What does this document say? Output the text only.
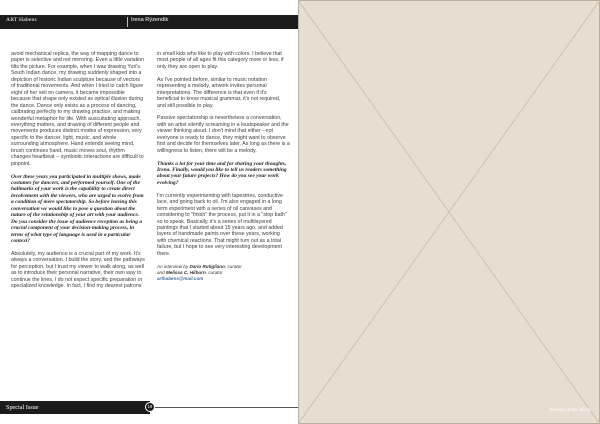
ART Habens	Irena Rýzendik

avoid mechanical replica, the way of mapping dance to paper is selective and not mirroring. Even a little variation tilts the picture. For example, when I was drawing Yuri's South Indian dance, my drawing suddenly shaped into a depiction of historic Indian sculpture because of vectors of traditional movements. And when I tried to catch figure eight of her veil on camera, it became impossible because that shape only existed as optical illusion during the dance. Dance only exists as a process of dancing, calibrating perfectly to my drawing practice, and making wonderful metaphor for life. With auscultating approach, everything matters, and drawing of different people and movements produces distinct modes of expression, very specific to the dancer, light, music, and whole surrounding atmosphere. Hand extends seeing mind, brush continues hand, music moves soul, rhythm changes heartbeat -- symbiotic interactions are difficult to pinpoint.

Over these years you participated in multiple shows, made costumes for dancers, and performed yourself. One of the hallmarks of your work is the capability to create direct involvement with the viewers, who are urged to evolve from a condition of mere spectatorship. So before leaving this conversation we would like to pose a question about the nature of the relationship of your art with your audience. Do you consider the issue of audience reception as being a crucial component of your decision-making process, in terms of what type of language is used in a particular context?

Absolutely, my audience is a crucial part of my work. It's always a conversation. I build the story, and the pathways for perception, but I trust my viewer to walk along, as well as to introduce their personal narrative, their own way to continue the lines. I do not expect specific preparation or specialized knowledge. In fact, I find my dearest patrons

in small kids who like to play with colors. I believe that most people of all ages fit this category more or less, if only they are open to play.

As I've pointed before, similar to music notation representing a melody, artwork invites personal interpretations. The difference is that even if it's beneficial to know musical grammar, it's not required, and still possible to play.

Passive spectatorship is nevertheless a conversation, with an artist silently screaming in a loudspeaker and the viewer thinking aloud. I don't mind that either --not everyone is ready to dance, they might want to observe first and decide for themselves later. As long as there is a willingness to listen, there will be a melody.

Thanks a lot for your time and for sharing your thoughts, Irena. Finally, would you like to tell us readers something about your future projects? How do you see your work evolving?

I'm currently experimenting with tapestries, conductive lace, and going back to oil. I'm also engaged in a long term experiment with a series of oil canvases and considering to "finish" the process, put it in a "stop bath" so to speak. Basically, it's a series of multilayered paintings that I started about 15 years ago, and added layers of handmade paints over these years, working with chemical reactions. That might turn out as a total failure, but I hope to see very interesting development there.

An interview by Dario Rutigliano, curator
and Melissa C. Hilborn, curator
arthabens@mail.com
Special Issue	19
Dwelling in the Infinity
